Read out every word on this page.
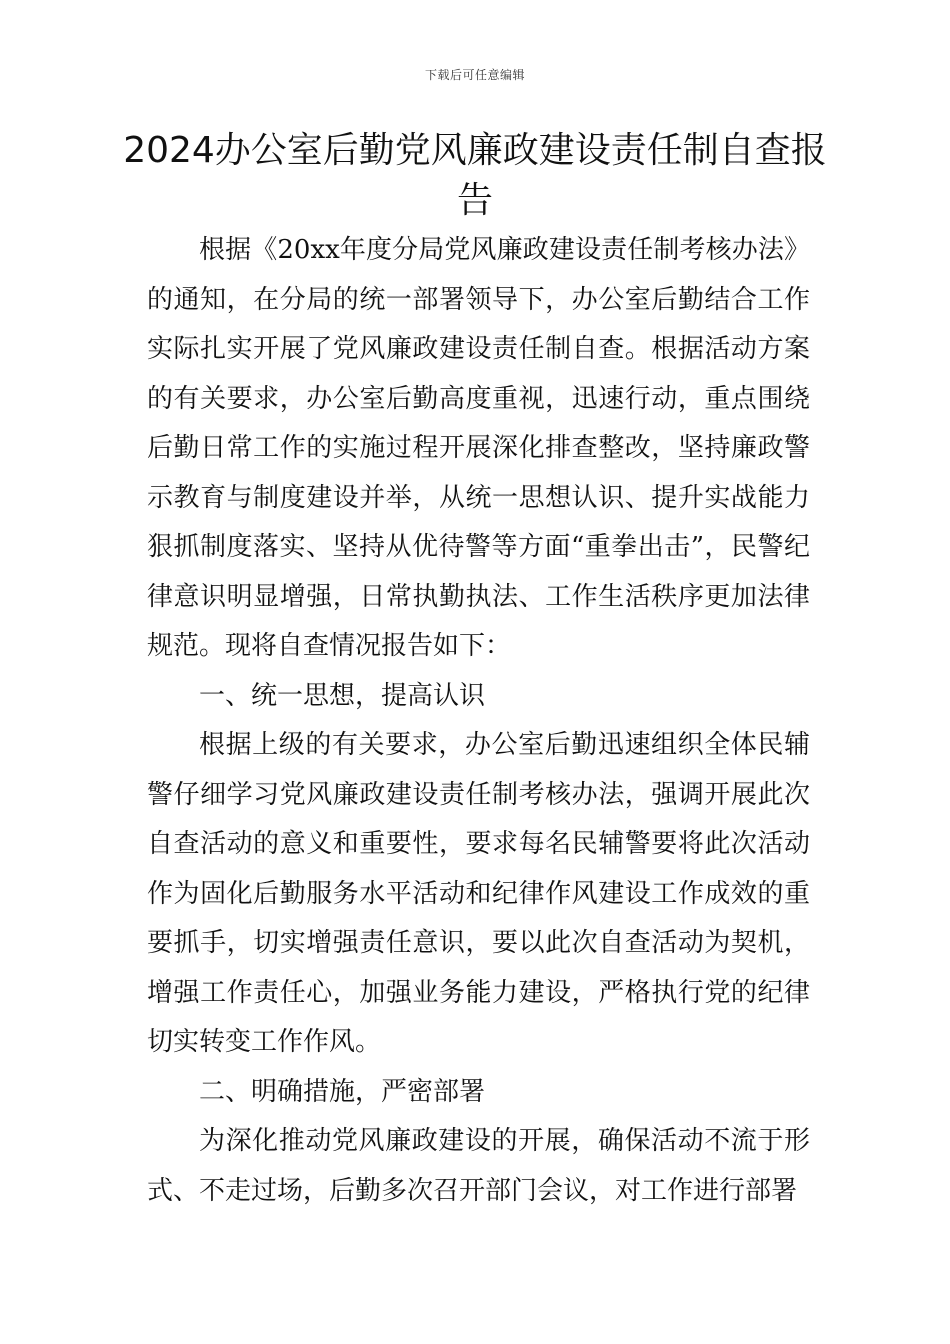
下载后可任意编辑
2024办公室后勤党风廉政建设责任制自查报告

根据《20xx年度分局党风廉政建设责任制考核办法》的通知，在分局的统一部署领导下，办公室后勤结合工作实际扎实开展了党风廉政建设责任制自查。根据活动方案的有关要求，办公室后勤高度重视，迅速行动，重点围绕后勤日常工作的实施过程开展深化排查整改，坚持廉政警示教育与制度建设并举，从统一思想认识、提升实战能力狠抓制度落实、坚持从优待警等方面“重拳出击”，民警纪律意识明显增强，日常执勤执法、工作生活秩序更加法律规范。现将自查情况报告如下：

一、统一思想，提高认识

根据上级的有关要求，办公室后勤迅速组织全体民辅警仔细学习党风廉政建设责任制考核办法，强调开展此次自查活动的意义和重要性，要求每名民辅警要将此次活动作为固化后勤服务水平活动和纪律作风建设工作成效的重要抓手，切实增强责任意识，要以此次自查活动为契机，增强工作责任心，加强业务能力建设，严格执行党的纪律切实转变工作作风。

二、明确措施，严密部署

为深化推动党风廉政建设的开展，确保活动不流于形式、不走过场，后勤多次召开部门会议，对工作进行部署
